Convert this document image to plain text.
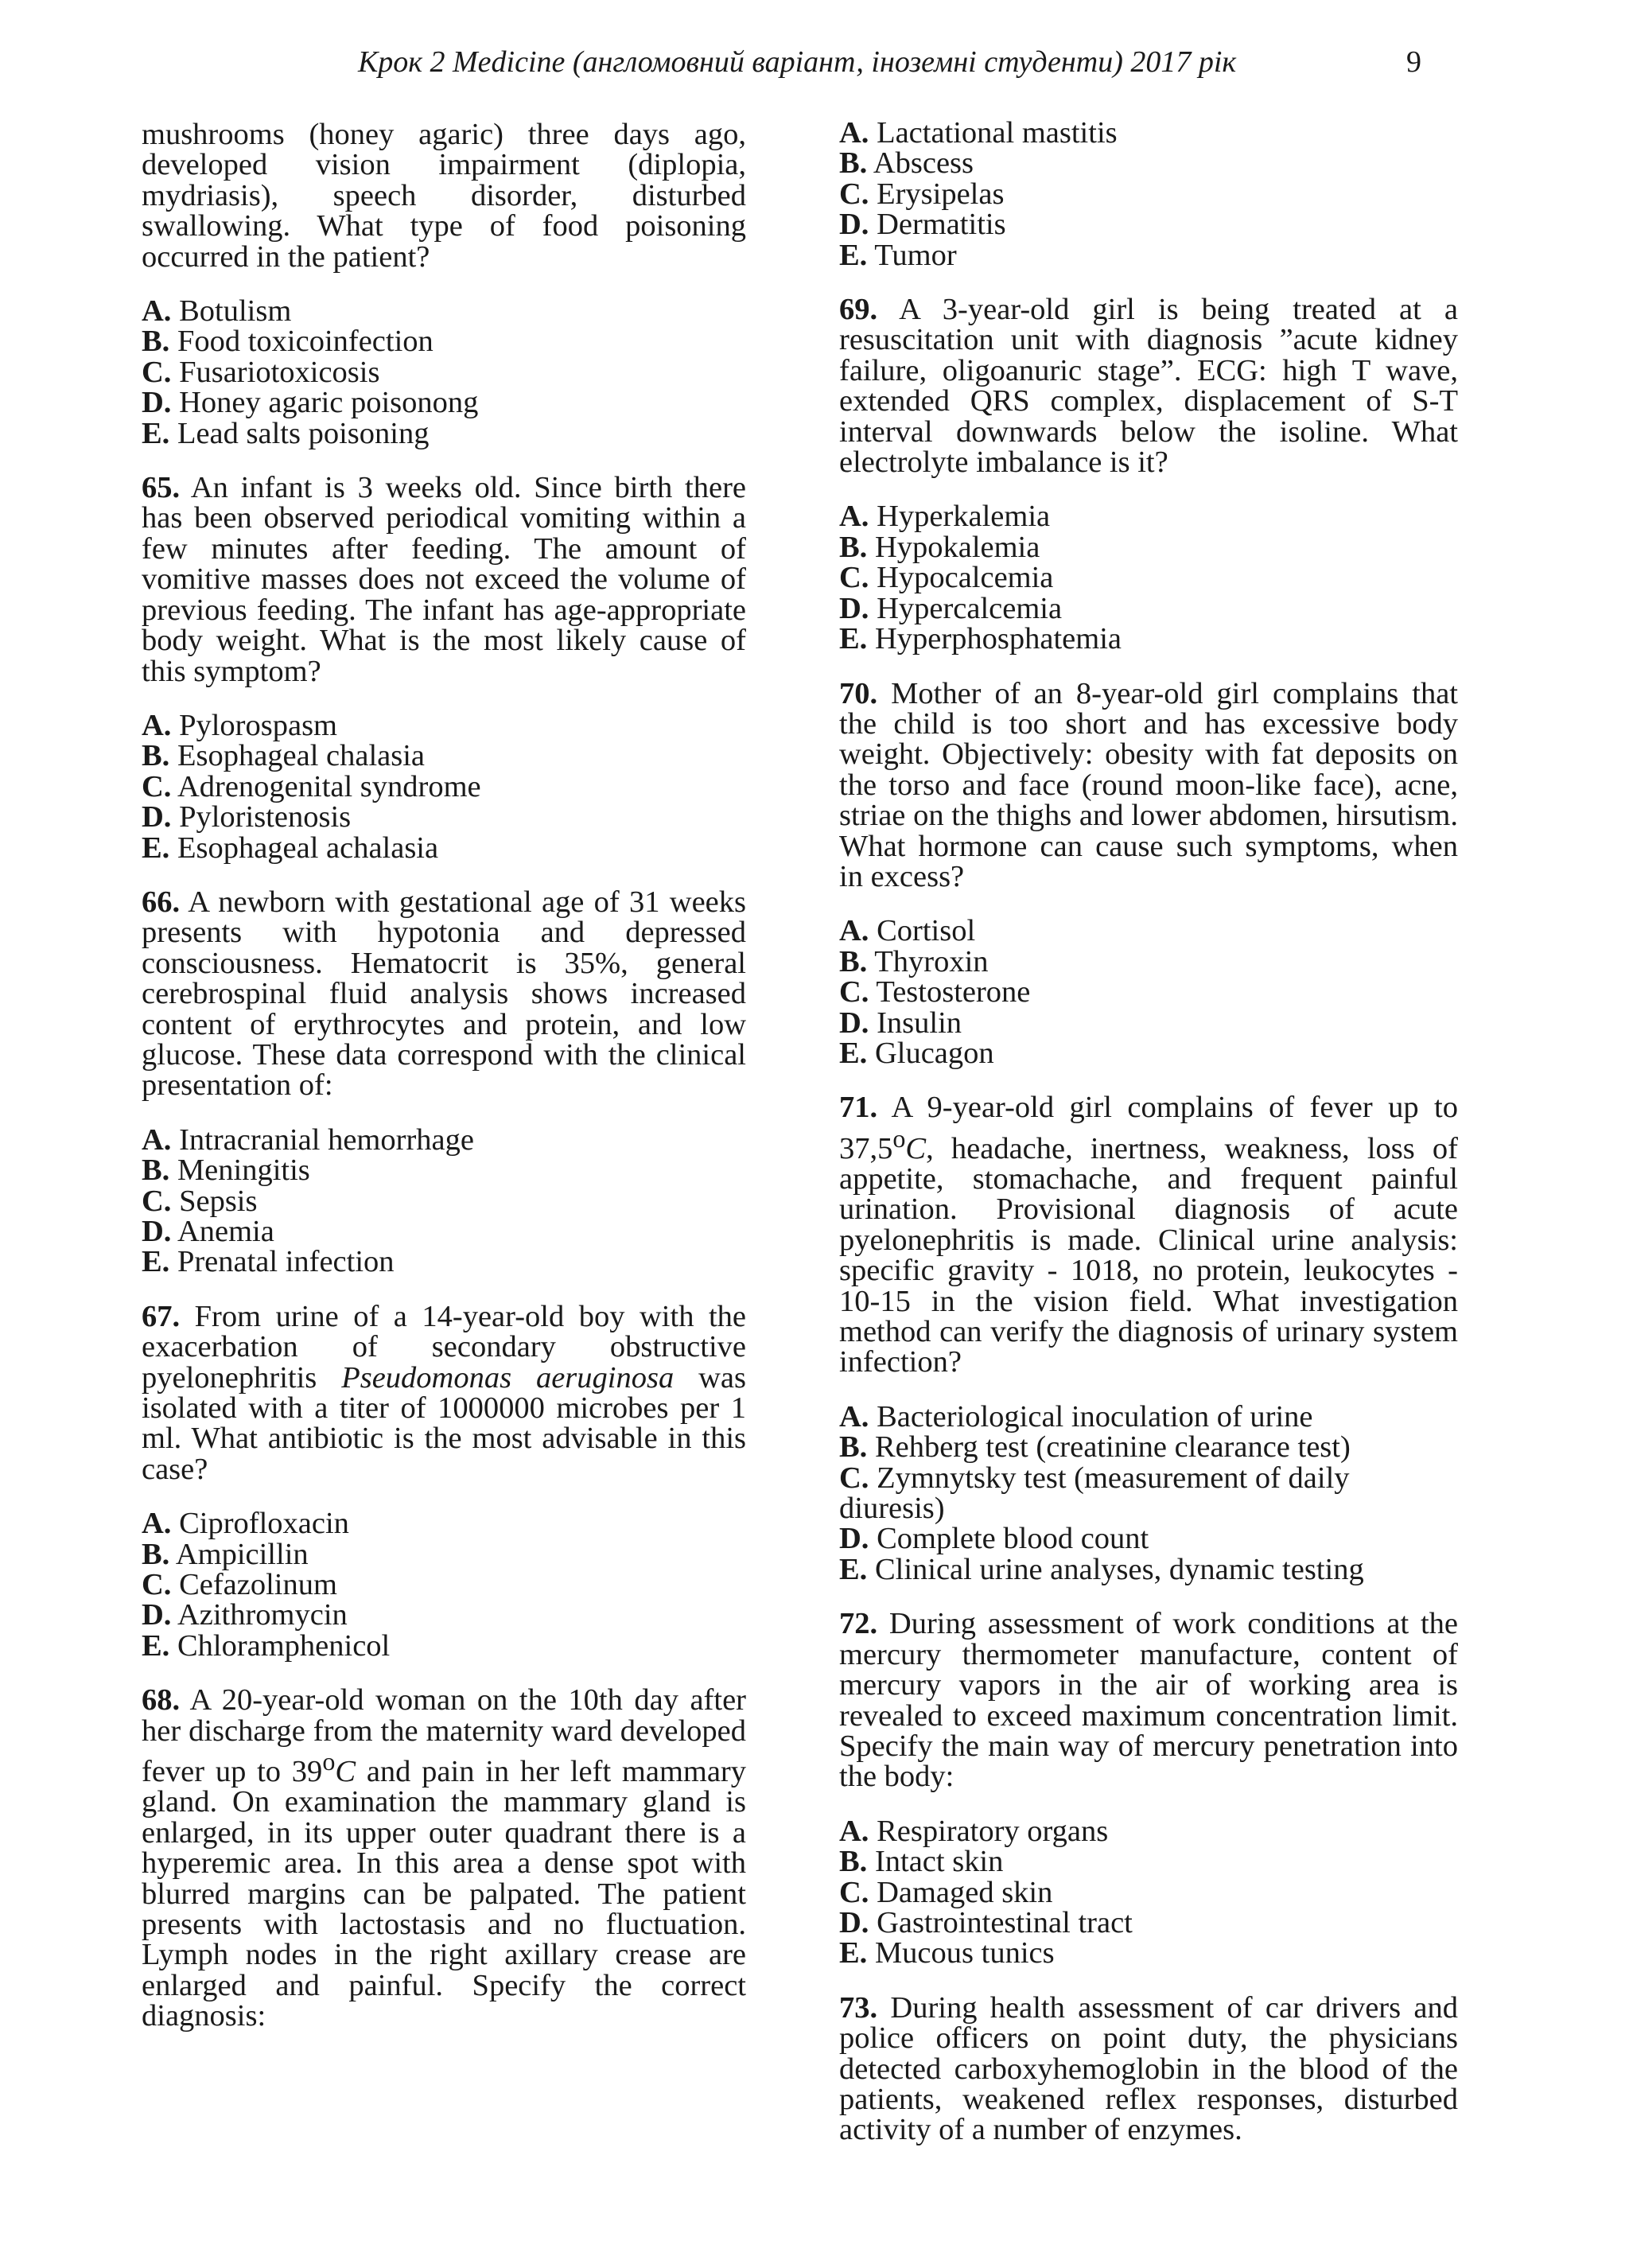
Крок 2 Medicine (англомовний варіант, іноземні студенти) 2017 рік	9

mushrooms (honey agaric) three days ago, developed vision impairment (diplopia, mydriasis), speech disorder, disturbed swallowing. What type of food poisoning occurred in the patient?

A. Botulism
B. Food toxicoinfection
C. Fusariotoxicosis
D. Honey agaric poisonong
E. Lead salts poisoning

65. An infant is 3 weeks old. Since birth there has been observed periodical vomiting within a few minutes after feeding. The amount of vomitive masses does not exceed the volume of previous feeding. The infant has age-appropriate body weight. What is the most likely cause of this symptom?

A. Pylorospasm
B. Esophageal chalasia
C. Adrenogenital syndrome
D. Pyloristenosis
E. Esophageal achalasia

66. A newborn with gestational age of 31 weeks presents with hypotonia and depressed consciousness. Hematocrit is 35%, general cerebrospinal fluid analysis shows increased content of erythrocytes and protein, and low glucose. These data correspond with the clinical presentation of:

A. Intracranial hemorrhage
B. Meningitis
C. Sepsis
D. Anemia
E. Prenatal infection

67. From urine of a 14-year-old boy with the exacerbation of secondary obstructive pyelonephritis Pseudomonas aeruginosa was isolated with a titer of 1000000 microbes per 1 ml. What antibiotic is the most advisable in this case?

A. Ciprofloxacin
B. Ampicillin
C. Cefazolinum
D. Azithromycin
E. Chloramphenicol

68. A 20-year-old woman on the 10th day after her discharge from the maternity ward developed fever up to 39$^o$C and pain in her left mammary gland. On examination the mammary gland is enlarged, in its upper outer quadrant there is a hyperemic area. In this area a dense spot with blurred margins can be palpated. The patient presents with lactostasis and no fluctuation. Lymph nodes in the right axillary crease are enlarged and painful. Specify the correct diagnosis:

A. Lactational mastitis
B. Abscess
C. Erysipelas
D. Dermatitis
E. Tumor

69. A 3-year-old girl is being treated at a resuscitation unit with diagnosis ”acute kidney failure, oligoanuric stage”. ECG: high T wave, extended QRS complex, displacement of S-T interval downwards below the isoline. What electrolyte imbalance is it?

A. Hyperkalemia
B. Hypokalemia
C. Hypocalcemia
D. Hypercalcemia
E. Hyperphosphatemia

70. Mother of an 8-year-old girl complains that the child is too short and has excessive body weight. Objectively: obesity with fat deposits on the torso and face (round moon-like face), acne, striae on the thighs and lower abdomen, hirsutism. What hormone can cause such symptoms, when in excess?

A. Cortisol
B. Thyroxin
C. Testosterone
D. Insulin
E. Glucagon

71. A 9-year-old girl complains of fever up to 37,5$^o$C, headache, inertness, weakness, loss of appetite, stomachache, and frequent painful urination. Provisional diagnosis of acute pyelonephritis is made. Clinical urine analysis: specific gravity - 1018, no protein, leukocytes - 10-15 in the vision field. What investigation method can verify the diagnosis of urinary system infection?

A. Bacteriological inoculation of urine
B. Rehberg test (creatinine clearance test)
C. Zymnytsky test (measurement of daily diuresis)
D. Complete blood count
E. Clinical urine analyses, dynamic testing

72. During assessment of work conditions at the mercury thermometer manufacture, content of mercury vapors in the air of working area is revealed to exceed maximum concentration limit. Specify the main way of mercury penetration into the body:

A. Respiratory organs
B. Intact skin
C. Damaged skin
D. Gastrointestinal tract
E. Mucous tunics

73. During health assessment of car drivers and police officers on point duty, the physicians detected carboxyhemoglobin in the blood of the patients, weakened reflex responses, disturbed activity of a number of enzymes.
